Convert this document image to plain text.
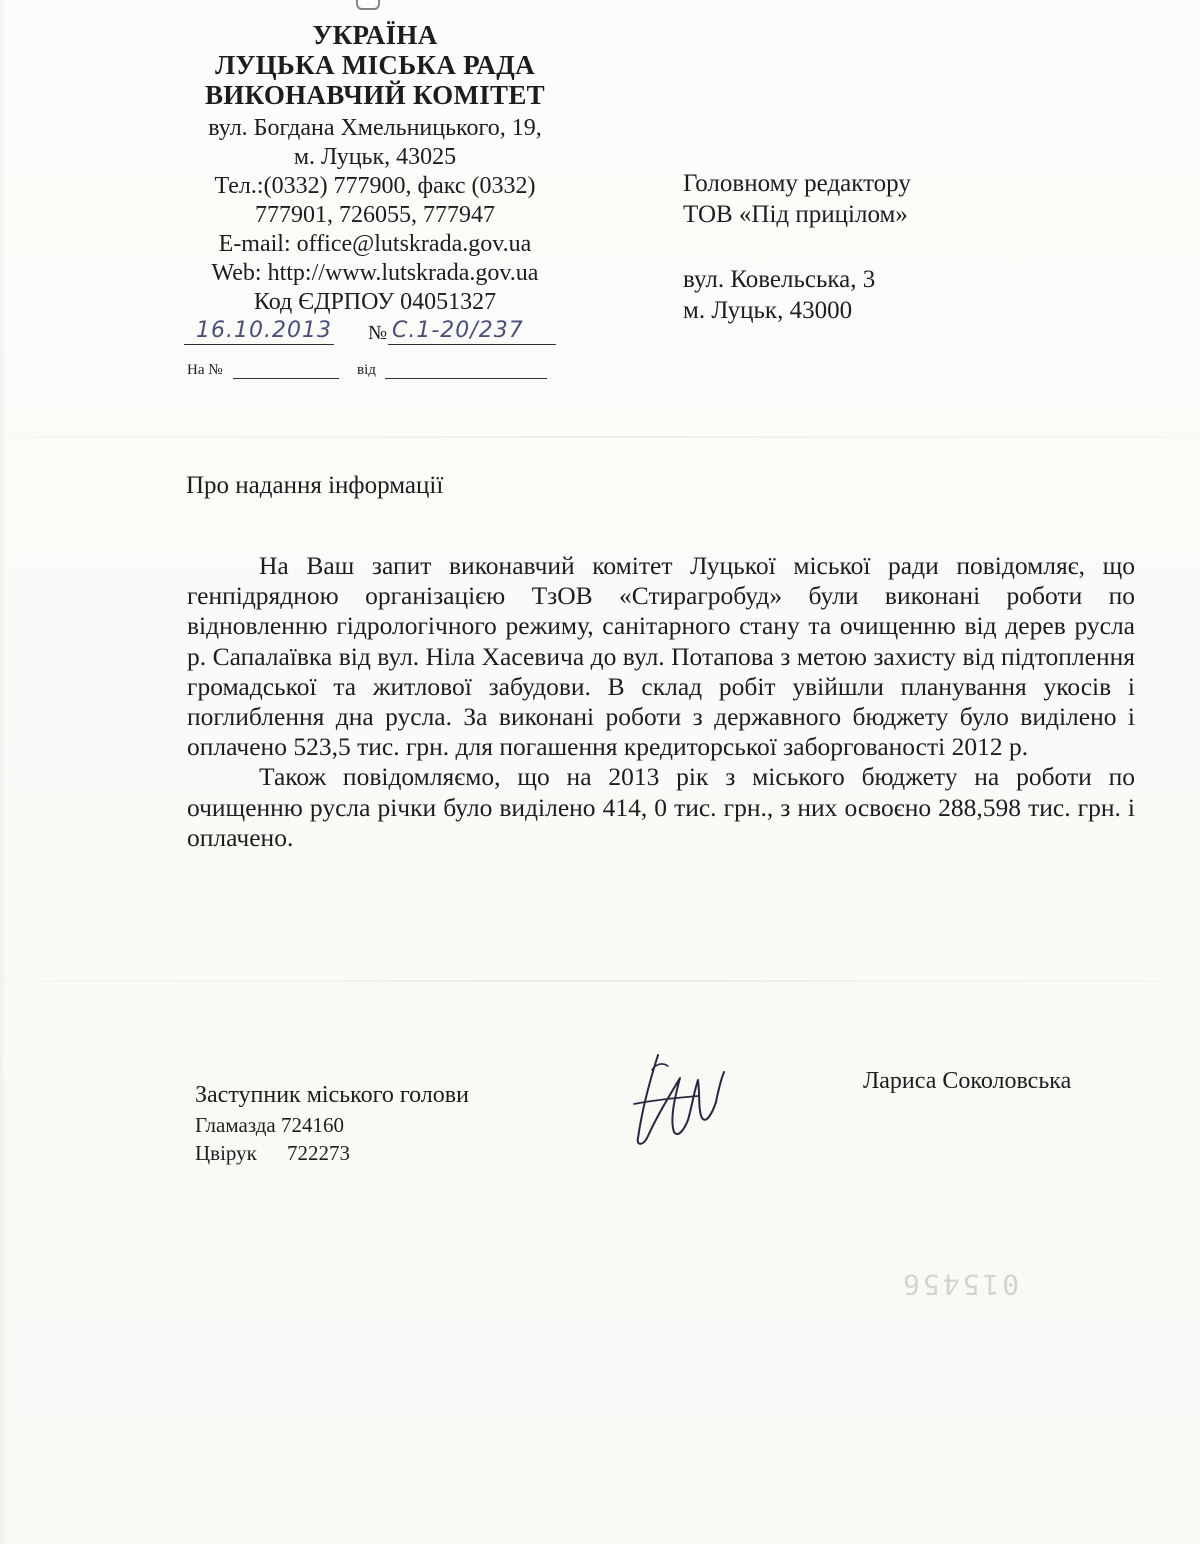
УКРАЇНА
ЛУЦЬКА МІСЬКА РАДА
ВИКОНАВЧИЙ КОМІТЕТ
вул. Богдана Хмельницького, 19,
м. Луцьк, 43025
Тел.:(0332) 777900, факс (0332)
777901, 726055, 777947
E-mail: office@lutskrada.gov.ua
Web: http://www.lutskrada.gov.ua
Код ЄДРПОУ 04051327
16.10.2013 № С.1-20/237
На №	від
Головному редактору
ТОВ «Під прицілом»
вул. Ковельська, 3
м. Луцьк, 43000
Про надання інформації

На Ваш запит виконавчий комітет Луцької міської ради повідомляє, що генпідрядною організацією ТзОВ «Стирагробуд» були виконані роботи по відновленню гідрологічного режиму, санітарного стану та очищенню від дерев русла р. Сапалаївка від вул. Ніла Хасевича до вул. Потапова з метою захисту від підтоплення громадської та житлової забудови. В склад робіт увійшли планування укосів і поглиблення дна русла. За виконані роботи з державного бюджету було виділено і оплачено 523,5 тис. грн. для погашення кредиторської заборгованості 2012 р.

Також повідомляємо, що на 2013 рік з міського бюджету на роботи по очищенню русла річки було виділено 414, 0 тис. грн., з них освоєно 288,598 тис. грн. і оплачено.

Заступник міського голови
Гламазда 724160
Цвірук 722273
Лариса Соколовська
015456
